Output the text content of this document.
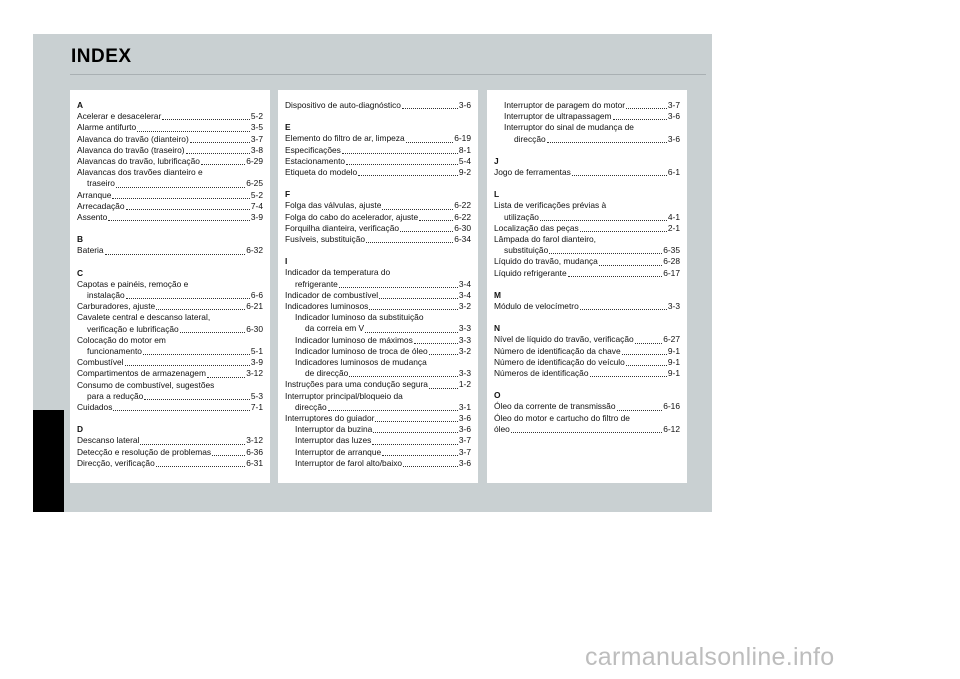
INDEX
A
Acelerar e desacelerar	5-2
Alarme antifurto	3-5
Alavanca do travão (dianteiro)	3-7
Alavanca do travão (traseiro)	3-8
Alavancas do travão, lubrificação	6-29
Alavancas dos travões dianteiro e
traseiro	6-25
Arranque	5-2
Arrecadação	7-4
Assento	3-9
B
Bateria	6-32
C
Capotas e painéis, remoção e
instalação	6-6
Carburadores, ajuste	6-21
Cavalete central e descanso lateral,
verificação e lubrificação	6-30
Colocação do motor em
funcionamento	5-1
Combustível	3-9
Compartimentos de armazenagem	3-12
Consumo de combustível, sugestões
para a redução	5-3
Cuidados	7-1
D
Descanso lateral	3-12
Detecção e resolução de problemas	6-36
Direcção, verificação	6-31
Dispositivo de auto-diagnóstico	3-6
E
Elemento do filtro de ar, limpeza	6-19
Especificações	8-1
Estacionamento	5-4
Etiqueta do modelo	9-2
F
Folga das válvulas, ajuste	6-22
Folga do cabo do acelerador, ajuste	6-22
Forquilha dianteira, verificação	6-30
Fusíveis, substituição	6-34
I
Indicador da temperatura do
refrigerante	3-4
Indicador de combustível	3-4
Indicadores luminosos	3-2
Indicador luminoso da substituição
da correia em V	3-3
Indicador luminoso de máximos	3-3
Indicador luminoso de troca de óleo	3-2
Indicadores luminosos de mudança
de direcção	3-3
Instruções para uma condução segura	1-2
Interruptor principal/bloqueio da
direcção	3-1
Interruptores do guiador	3-6
Interruptor da buzina	3-6
Interruptor das luzes	3-7
Interruptor de arranque	3-7
Interruptor de farol alto/baixo	3-6
Interruptor de paragem do motor	3-7
Interruptor de ultrapassagem	3-6
Interruptor do sinal de mudança de
direcção	3-6
J
Jogo de ferramentas	6-1
L
Lista de verificações prévias à
utilização	4-1
Localização das peças	2-1
Lâmpada do farol dianteiro,
substituição	6-35
Líquido do travão, mudança	6-28
Líquido refrigerante	6-17
M
Módulo de velocímetro	3-3
N
Nível de líquido do travão, verificação	6-27
Número de identificação da chave	9-1
Número de identificação do veículo	9-1
Números de identificação	9-1
O
Óleo da corrente de transmissão	6-16
Óleo do motor e cartucho do filtro de
óleo	6-12
carmanualsonline.info
